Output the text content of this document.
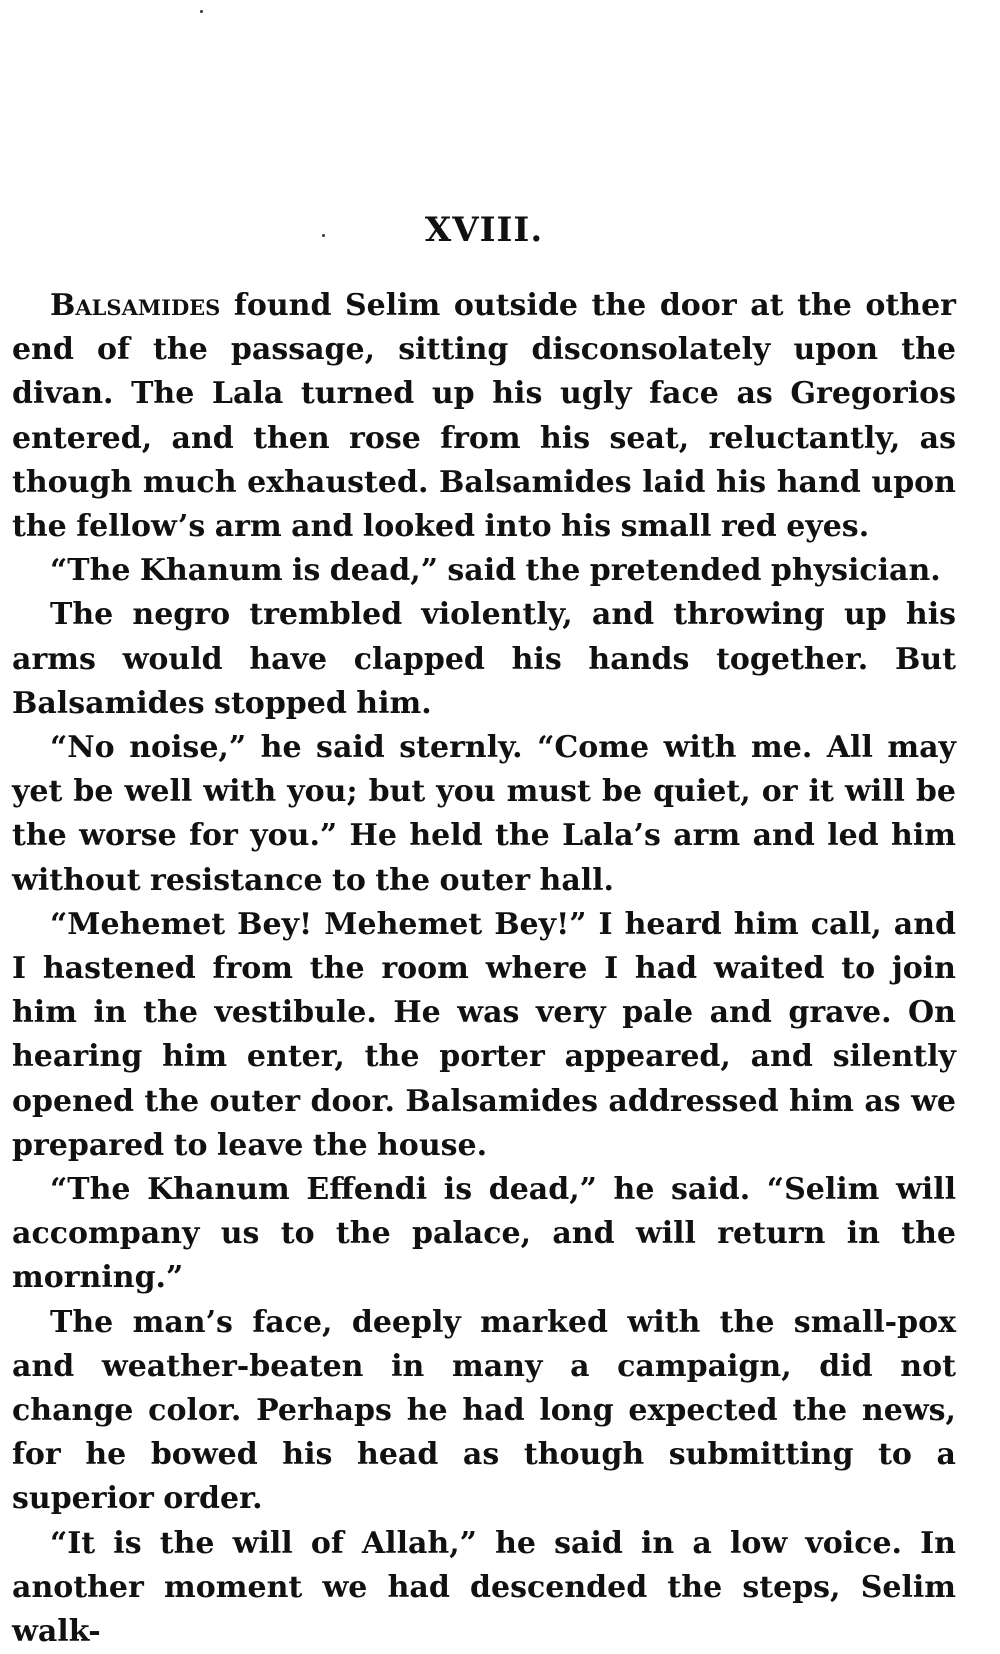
XVIII.

Balsamides found Selim outside the door at the other end of the passage, sitting disconsolately upon the divan. The Lala turned up his ugly face as Gregorios entered, and then rose from his seat, reluctantly, as though much exhausted. Balsamides laid his hand upon the fellow’s arm and looked into his small red eyes.

“The Khanum is dead,” said the pretended physician.

The negro trembled violently, and throwing up his arms would have clapped his hands together. But Balsamides stopped him.

“No noise,” he said sternly. “Come with me. All may yet be well with you; but you must be quiet, or it will be the worse for you.” He held the Lala’s arm and led him without resistance to the outer hall.

“Mehemet Bey! Mehemet Bey!” I heard him call, and I hastened from the room where I had waited to join him in the vestibule. He was very pale and grave. On hearing him enter, the porter appeared, and silently opened the outer door. Balsamides addressed him as we prepared to leave the house.

“The Khanum Effendi is dead,” he said. “Selim will accompany us to the palace, and will return in the morning.”

The man’s face, deeply marked with the small-pox and weather-beaten in many a campaign, did not change color. Perhaps he had long expected the news, for he bowed his head as though submitting to a superior order.

“It is the will of Allah,” he said in a low voice. In another moment we had descended the steps, Selim walk-
